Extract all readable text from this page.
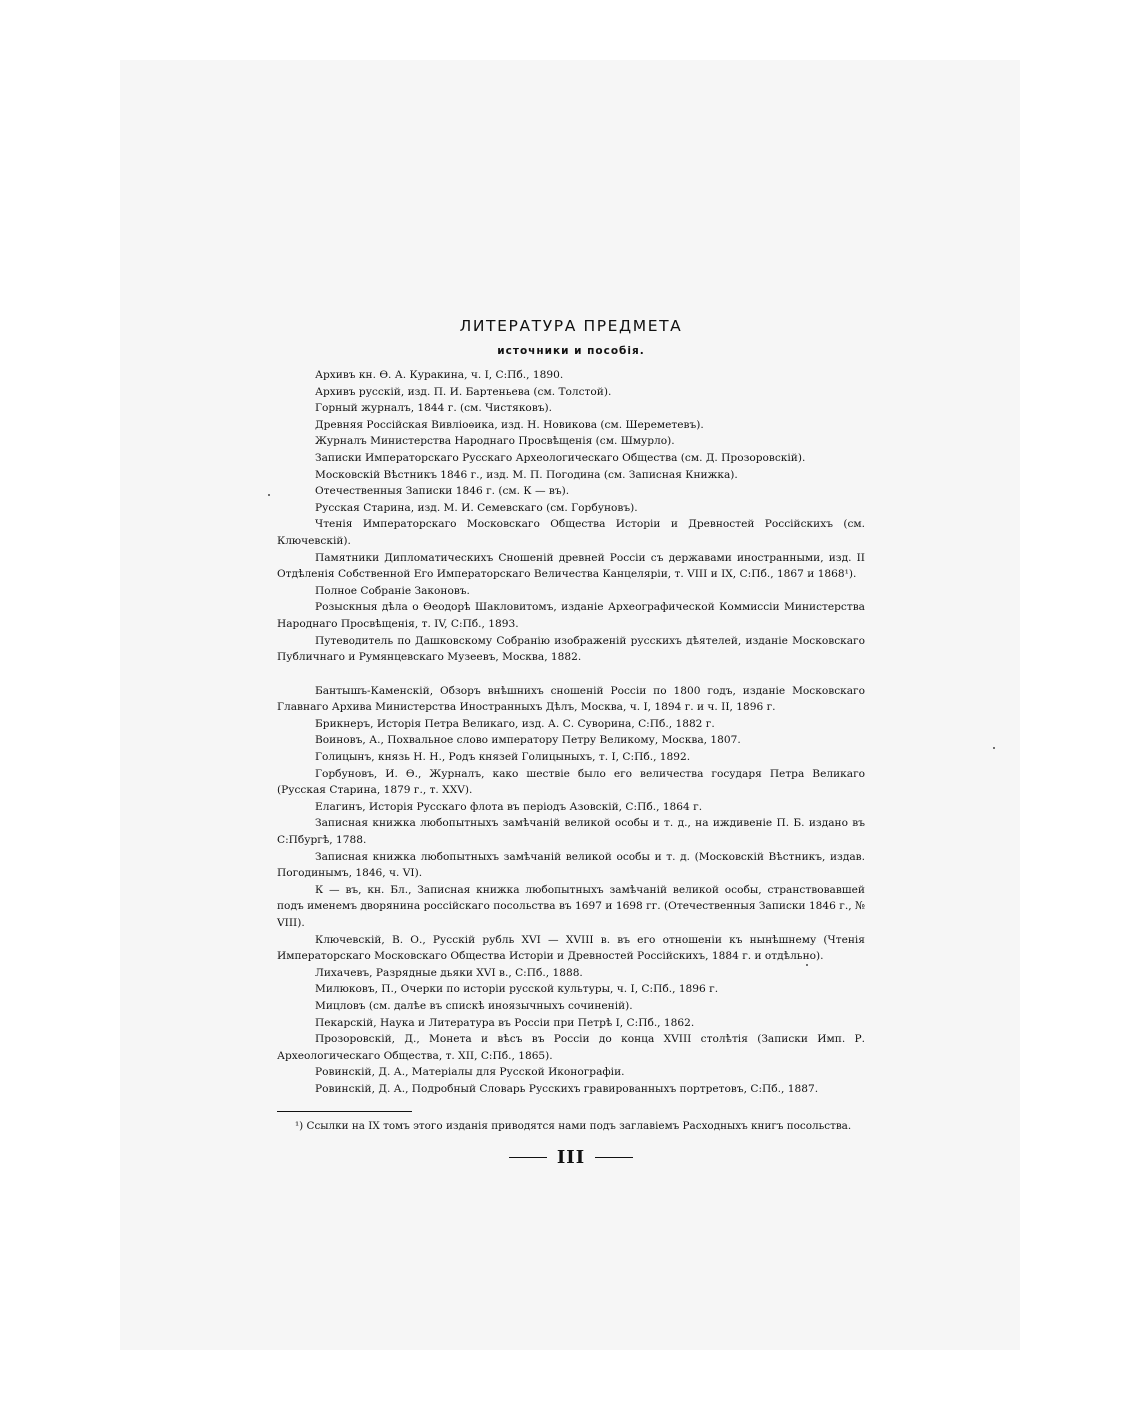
ЛИТЕРАТУРА ПРЕДМЕТА
источники и пособія.

Архивъ кн. Ѳ. А. Куракина, ч. I, С:Пб., 1890.

Архивъ русскій, изд. П. И. Бартеньева (см. Толстой).

Горный журналъ, 1844 г. (см. Чистяковъ).

Древняя Россійская Вивліоѳика, изд. Н. Новикова (см. Шереметевъ).

Журналъ Министерства Народнаго Просвѣщенія (см. Шмурло).

Записки Императорскаго Русскаго Археологическаго Общества (см. Д. Прозоровскій).

Московскій Вѣстникъ 1846 г., изд. М. П. Погодина (см. Записная Книжка).

Отечественныя Записки 1846 г. (см. К — въ).

Русская Старина, изд. М. И. Семевскаго (см. Горбуновъ).

Чтенія Императорскаго Московскаго Общества Исторіи и Древностей Россійскихъ (см. Ключевскій).

Памятники Дипломатическихъ Сношеній древней Россіи съ державами иностранными, изд. II Отдѣленія Собственной Его Императорскаго Величества Канцеляріи, т. VIII и IX, С:Пб., 1867 и 1868¹).

Полное Собраніе Законовъ.

Розыскныя дѣла о Ѳеодорѣ Шакловитомъ, изданіе Археографической Коммиссіи Министерства Народнаго Просвѣщенія, т. IV, С:Пб., 1893.

Путеводитель по Дашковскому Собранію изображеній русскихъ дѣятелей, изданіе Московскаго Публичнаго и Румянцевскаго Музеевъ, Москва, 1882.

Бантышъ-Каменскій, Обзоръ внѣшнихъ сношеній Россіи по 1800 годъ, изданіе Московскаго Главнаго Архива Министерства Иностранныхъ Дѣлъ, Москва, ч. I, 1894 г. и ч. II, 1896 г.

Брикнеръ, Исторія Петра Великаго, изд. А. С. Суворина, С:Пб., 1882 г.

Воиновъ, А., Похвальное слово императору Петру Великому, Москва, 1807.

Голицынъ, князь Н. Н., Родъ князей Голицыныхъ, т. I, С:Пб., 1892.

Горбуновъ, И. Ѳ., Журналъ, како шествіе было его величества государя Петра Великаго (Русская Старина, 1879 г., т. XXV).

Елагинъ, Исторія Русскаго флота въ періодъ Азовскій, С:Пб., 1864 г.

Записная книжка любопытныхъ замѣчаній великой особы и т. д., на иждивеніе П. Б. издано въ С:Пбургѣ, 1788.

Записная книжка любопытныхъ замѣчаній великой особы и т. д. (Московскій Вѣстникъ, издав. Погодинымъ, 1846, ч. VI).

К — въ, кн. Бл., Записная книжка любопытныхъ замѣчаній великой особы, странствовавшей подъ именемъ дворянина россійскаго посольства въ 1697 и 1698 гг. (Отечественныя Записки 1846 г., № VIII).

Ключевскій, В. О., Русскій рубль XVI — XVIII в. въ его отношеніи къ нынѣшнему (Чтенія Императорскаго Московскаго Общества Исторіи и Древностей Россійскихъ, 1884 г. и отдѣльно).

Лихачевъ, Разрядные дьяки XVI в., С:Пб., 1888.

Милюковъ, П., Очерки по исторіи русской культуры, ч. I, С:Пб., 1896 г.

Мицловъ (см. далѣе въ спискѣ иноязычныхъ сочиненій).

Пекарскій, Наука и Литература въ Россіи при Петрѣ I, С:Пб., 1862.

Прозоровскій, Д., Монета и вѣсъ въ Россіи до конца XVIII столѣтія (Записки Имп. Р. Археологическаго Общества, т. XII, С:Пб., 1865).

Ровинскій, Д. А., Матеріалы для Русской Иконографіи.

Ровинскій, Д. А., Подробный Словарь Русскихъ гравированныхъ портретовъ, С:Пб., 1887.

¹) Ссылки на IX томъ этого изданія приводятся нами подъ заглавіемъ Расходныхъ книгъ посольства.

III
